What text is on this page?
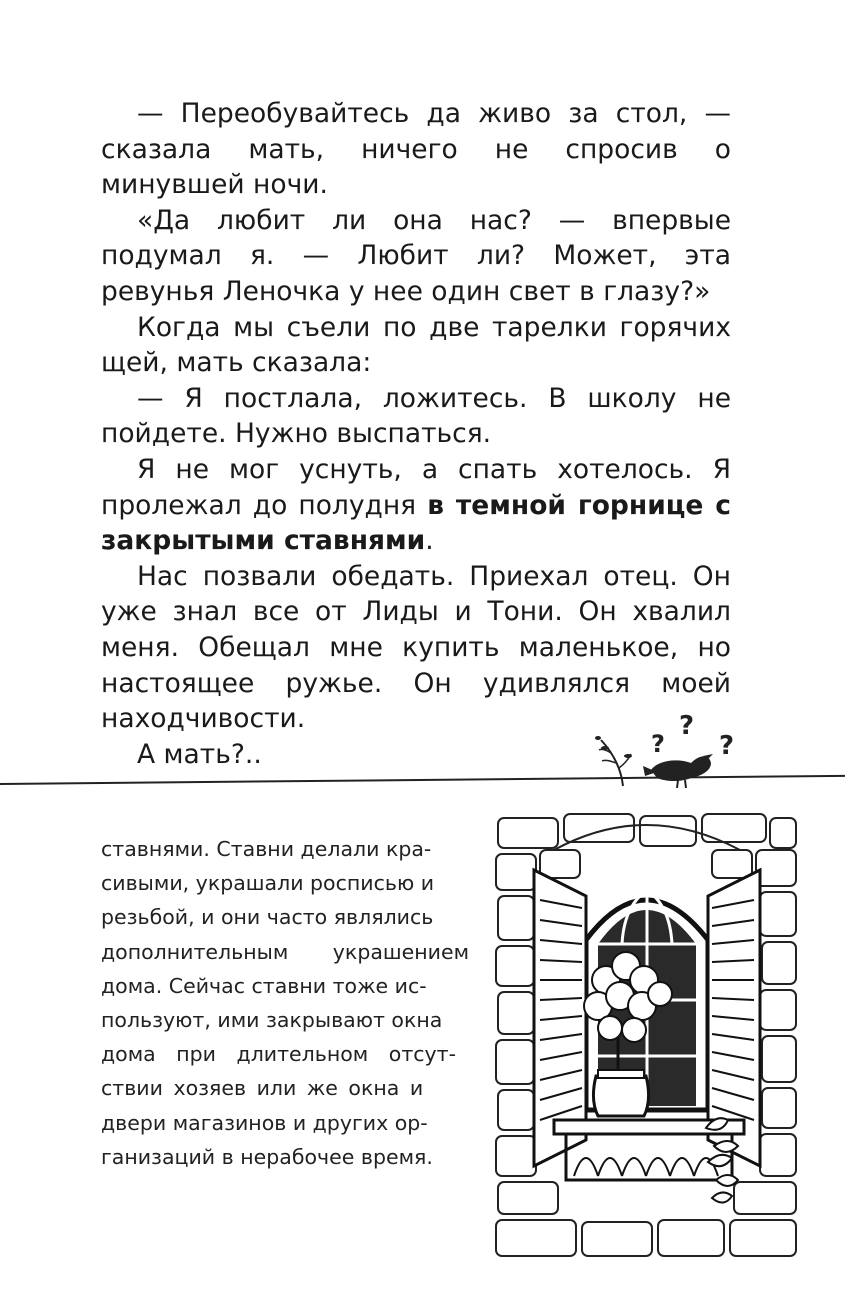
— Переобувайтесь да живо за стол, — сказала мать, ничего не спросив о минувшей ночи.

«Да любит ли она нас? — впервые подумал я. — Любит ли? Может, эта ревунья Леночка у нее один свет в глазу?»

Когда мы съели по две тарелки горячих щей, мать сказала:

— Я постлала, ложитесь. В школу не пойдете. Нужно выспаться.

Я не мог уснуть, а спать хотелось. Я пролежал до полудня в темной горнице с закрытыми ставнями.

Нас позвали обедать. Приехал отец. Он уже знал все от Лиды и Тони. Он хвалил меня. Обещал мне купить маленькое, но настоящее ружье. Он удивлялся моей находчивости.

А мать?..	?
?
?
ставнями. Ставни делали кра-
сивыми, украшали росписью и
резьбой, и они часто являлись
дополнительным украшением
дома. Сейчас ставни тоже ис-
пользуют, ими закрывают окна
дома при длительном отсут-
ствии хозяев или же окна и
двери магазинов и других ор-
ганизаций в нерабочее время.
